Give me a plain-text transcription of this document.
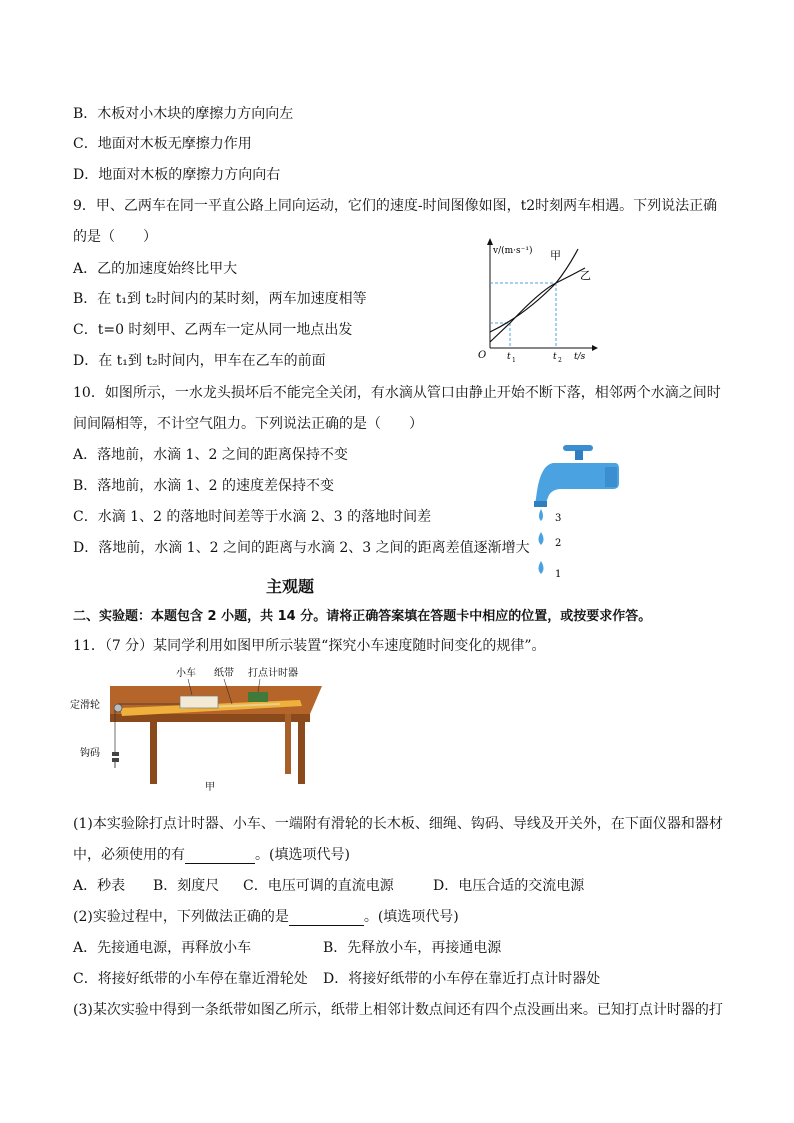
B．木板对小木块的摩擦力方向向左
C．地面对木板无摩擦力作用
D．地面对木板的摩擦力方向向右
9．甲、乙两车在同一平直公路上同向运动，它们的速度-时间图像如图，t2时刻两车相遇。下列说法正确
的是（　　）
A．乙的加速度始终比甲大
B．在 t₁到 t₂时间内的某时刻，两车加速度相等
C．t=0 时刻甲、乙两车一定从同一地点出发
D．在 t₁到 t₂时间内，甲车在乙车的前面
v/(m·s⁻¹) 甲
乙
O t 1	t 2 t/s
10．如图所示，一水龙头损坏后不能完全关闭，有水滴从管口由静止开始不断下落，相邻两个水滴之间时
间间隔相等，不计空气阻力。下列说法正确的是（　　）
A．落地前，水滴 1、2 之间的距离保持不变
B．落地前，水滴 1、2 的速度差保持不变
C．水滴 1、2 的落地时间差等于水滴 2、3 的落地时间差
D．落地前，水滴 1、2 之间的距离与水滴 2、3 之间的距离差值逐渐增大
3
2
1
主观题
二、实验题：本题包含 2 小题，共 14 分。请将正确答案填在答题卡中相应的位置，或按要求作答。
11．（7 分）某同学利用如图甲所示装置“探究小车速度随时间变化的规律”。
小车 纸带 打点计时器
定滑轮
钩码
甲
(1)本实验除打点计时器、小车、一端附有滑轮的长木板、细绳、钩码、导线及开关外，在下面仪器和器材
中，必须使用的有	。(填选项代号)
A．秒表 B．刻度尺 C．电压可调的直流电源	D．电压合适的交流电源
(2)实验过程中，下列做法正确的是	。(填选项代号)
A．先接通电源，再释放小车	B．先释放小车，再接通电源
C．将接好纸带的小车停在靠近滑轮处 D．将接好纸带的小车停在靠近打点计时器处
(3)某次实验中得到一条纸带如图乙所示，纸带上相邻计数点间还有四个点没画出来。已知打点计时器的打
